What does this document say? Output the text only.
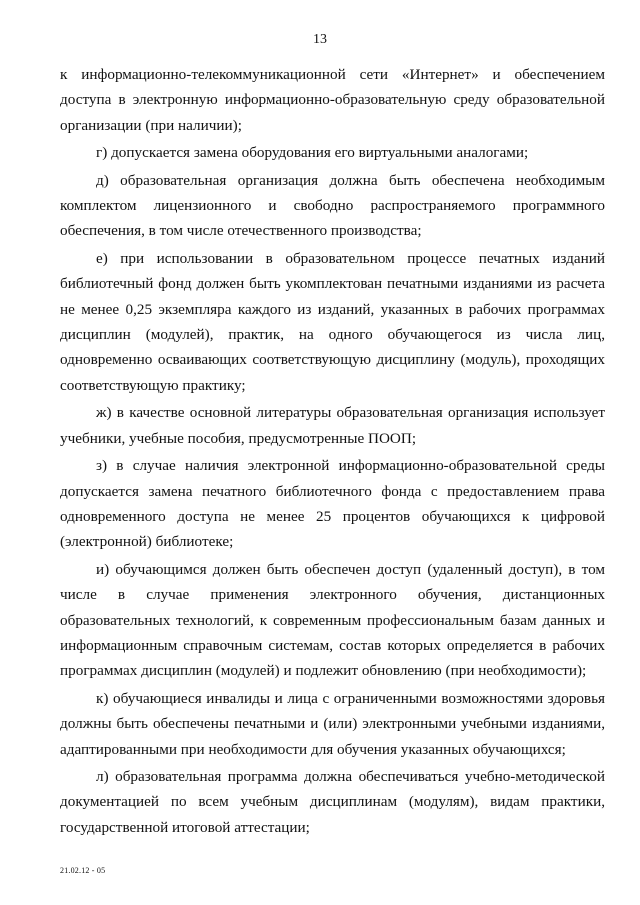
13

к информационно-телекоммуникационной сети «Интернет» и обеспечением доступа в электронную информационно-образовательную среду образовательной организации (при наличии);

г) допускается замена оборудования его виртуальными аналогами;

д) образовательная организация должна быть обеспечена необходимым комплектом лицензионного и свободно распространяемого программного обеспечения, в том числе отечественного производства;

е) при использовании в образовательном процессе печатных изданий библиотечный фонд должен быть укомплектован печатными изданиями из расчета не менее 0,25 экземпляра каждого из изданий, указанных в рабочих программах дисциплин (модулей), практик, на одного обучающегося из числа лиц, одновременно осваивающих соответствующую дисциплину (модуль), проходящих соответствующую практику;

ж) в качестве основной литературы образовательная организация использует учебники, учебные пособия, предусмотренные ПООП;

з) в случае наличия электронной информационно-образовательной среды допускается замена печатного библиотечного фонда с предоставлением права одновременного доступа не менее 25 процентов обучающихся к цифровой (электронной) библиотеке;

и) обучающимся должен быть обеспечен доступ (удаленный доступ), в том числе в случае применения электронного обучения, дистанционных образовательных технологий, к современным профессиональным базам данных и информационным справочным системам, состав которых определяется в рабочих программах дисциплин (модулей) и подлежит обновлению (при необходимости);

к) обучающиеся инвалиды и лица с ограниченными возможностями здоровья должны быть обеспечены печатными и (или) электронными учебными изданиями, адаптированными при необходимости для обучения указанных обучающихся;

л) образовательная программа должна обеспечиваться учебно-методической документацией по всем учебным дисциплинам (модулям), видам практики, государственной итоговой аттестации;

21.02.12 - 05
